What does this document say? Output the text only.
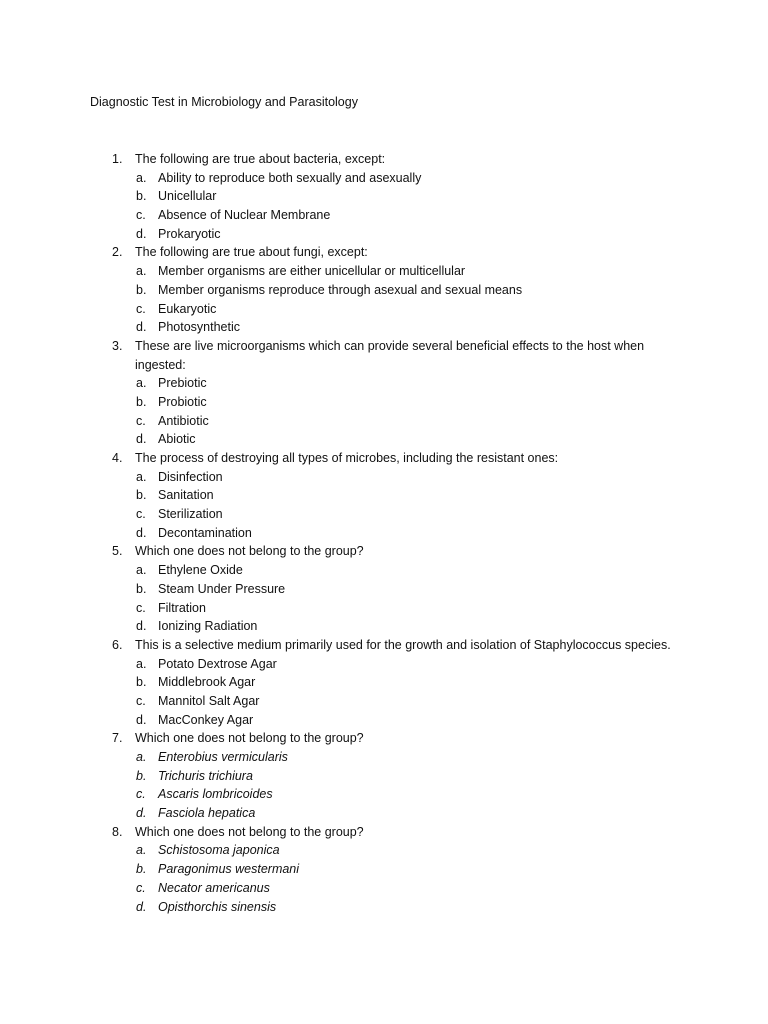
Diagnostic Test in Microbiology and Parasitology
1. The following are true about bacteria, except:
a. Ability to reproduce both sexually and asexually
b. Unicellular
c. Absence of Nuclear Membrane
d. Prokaryotic
2. The following are true about fungi, except:
a. Member organisms are either unicellular or multicellular
b. Member organisms reproduce through asexual and sexual means
c. Eukaryotic
d. Photosynthetic
3. These are live microorganisms which can provide several beneficial effects to the host when ingested:
a. Prebiotic
b. Probiotic
c. Antibiotic
d. Abiotic
4. The process of destroying all types of microbes, including the resistant ones:
a. Disinfection
b. Sanitation
c. Sterilization
d. Decontamination
5. Which one does not belong to the group?
a. Ethylene Oxide
b. Steam Under Pressure
c. Filtration
d. Ionizing Radiation
6. This is a selective medium primarily used for the growth and isolation of Staphylococcus species.
a. Potato Dextrose Agar
b. Middlebrook Agar
c. Mannitol Salt Agar
d. MacConkey Agar
7. Which one does not belong to the group?
a. Enterobius vermicularis
b. Trichuris trichiura
c. Ascaris lombricoides
d. Fasciola hepatica
8. Which one does not belong to the group?
a. Schistosoma japonica
b. Paragonimus westermani
c. Necator americanus
d. Opisthorchis sinensis
